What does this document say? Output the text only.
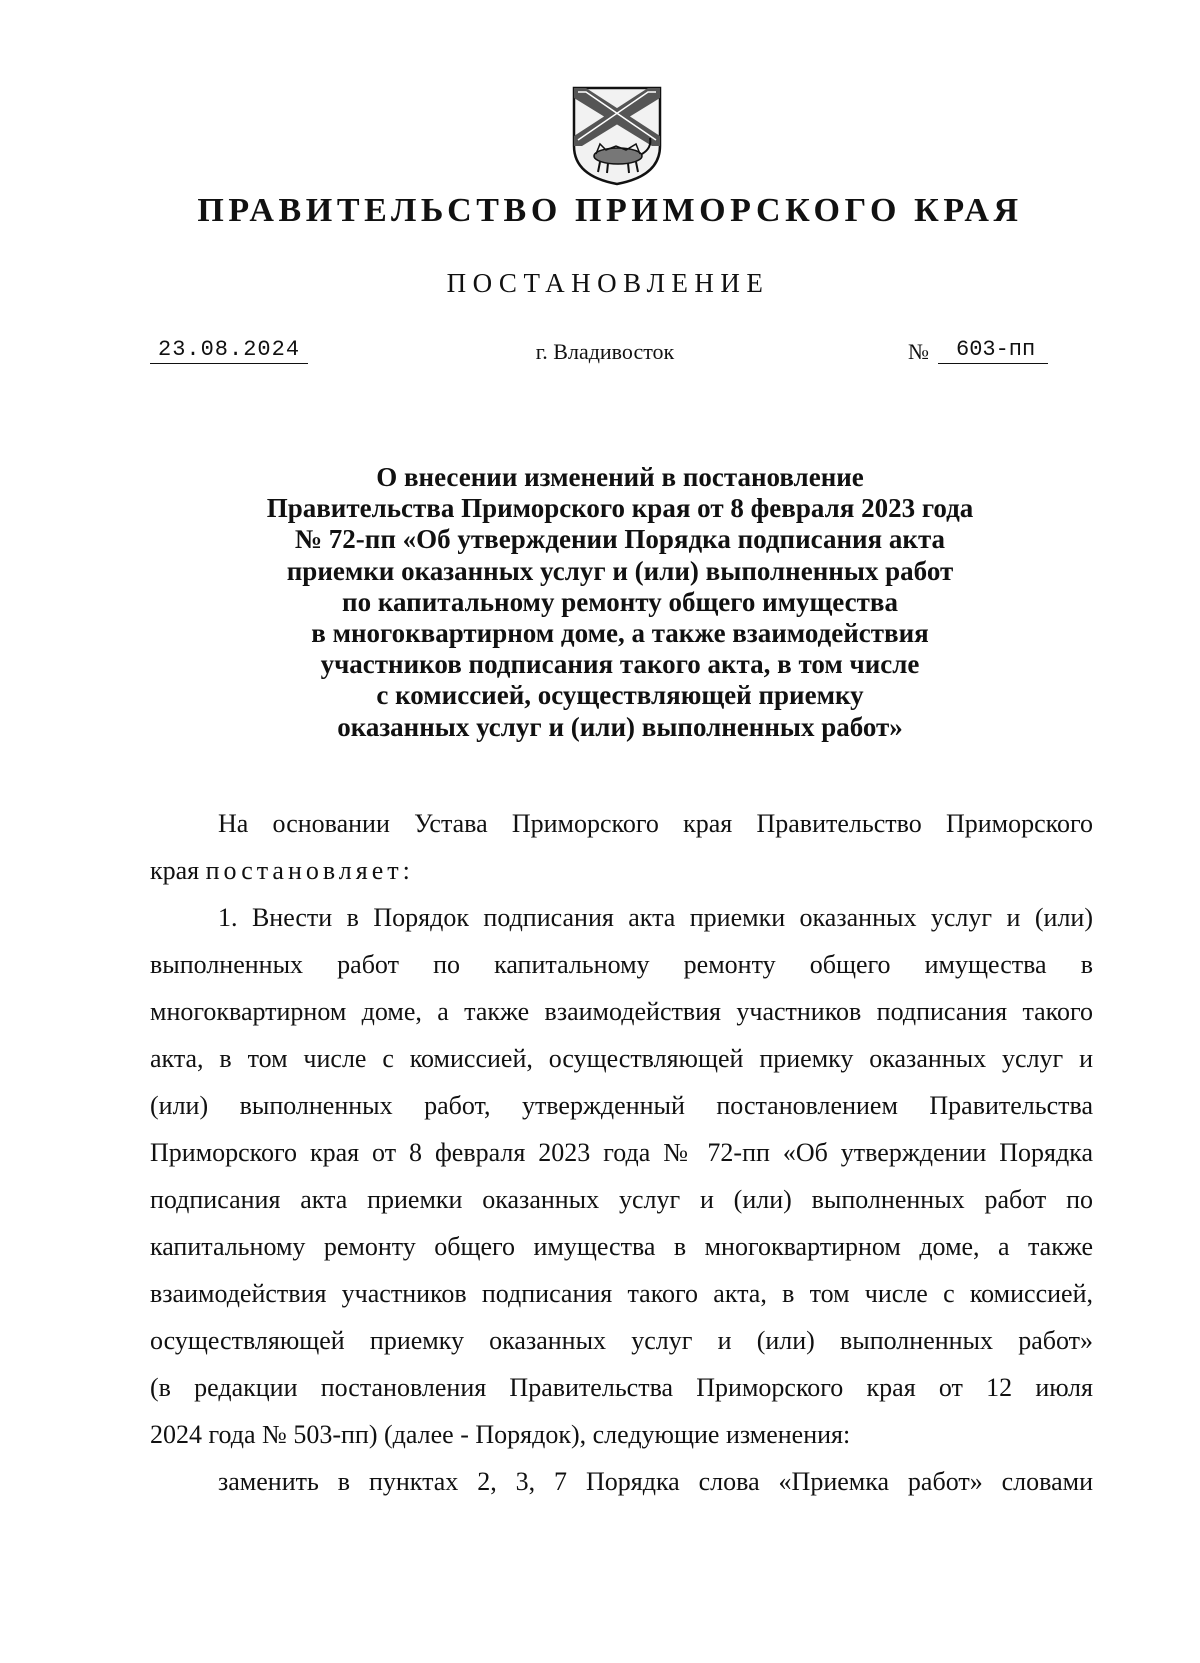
ПРАВИТЕЛЬСТВО ПРИМОРСКОГО КРАЯ
ПОСТАНОВЛЕНИЕ
23.08.2024	г. Владивосток	№	603-пп
О внесении изменений в постановление
Правительства Приморского края от 8 февраля 2023 года
№ 72-пп «Об утверждении Порядка подписания акта
приемки оказанных услуг и (или) выполненных работ
по капитальному ремонту общего имущества
в многоквартирном доме, а также взаимодействия
участников подписания такого акта, в том числе
с комиссией, осуществляющей приемку
оказанных услуг и (или) выполненных работ»
На основании Устава Приморского края Правительство Приморского
края постановляет:
1. Внести в Порядок подписания акта приемки оказанных услуг и (или)
выполненных работ по капитальному ремонту общего имущества в
многоквартирном доме, а также взаимодействия участников подписания такого
акта, в том числе с комиссией, осуществляющей приемку оказанных услуг и
(или) выполненных работ, утвержденный постановлением Правительства
Приморского края от 8 февраля 2023 года № 72-пп «Об утверждении Порядка
подписания акта приемки оказанных услуг и (или) выполненных работ по
капитальному ремонту общего имущества в многоквартирном доме, а также
взаимодействия участников подписания такого акта, в том числе с комиссией,
осуществляющей приемку оказанных услуг и (или) выполненных работ»
(в редакции постановления Правительства Приморского края от 12 июля
2024 года № 503-пп) (далее - Порядок), следующие изменения:
заменить в пунктах 2, 3, 7 Порядка слова «Приемка работ» словами
